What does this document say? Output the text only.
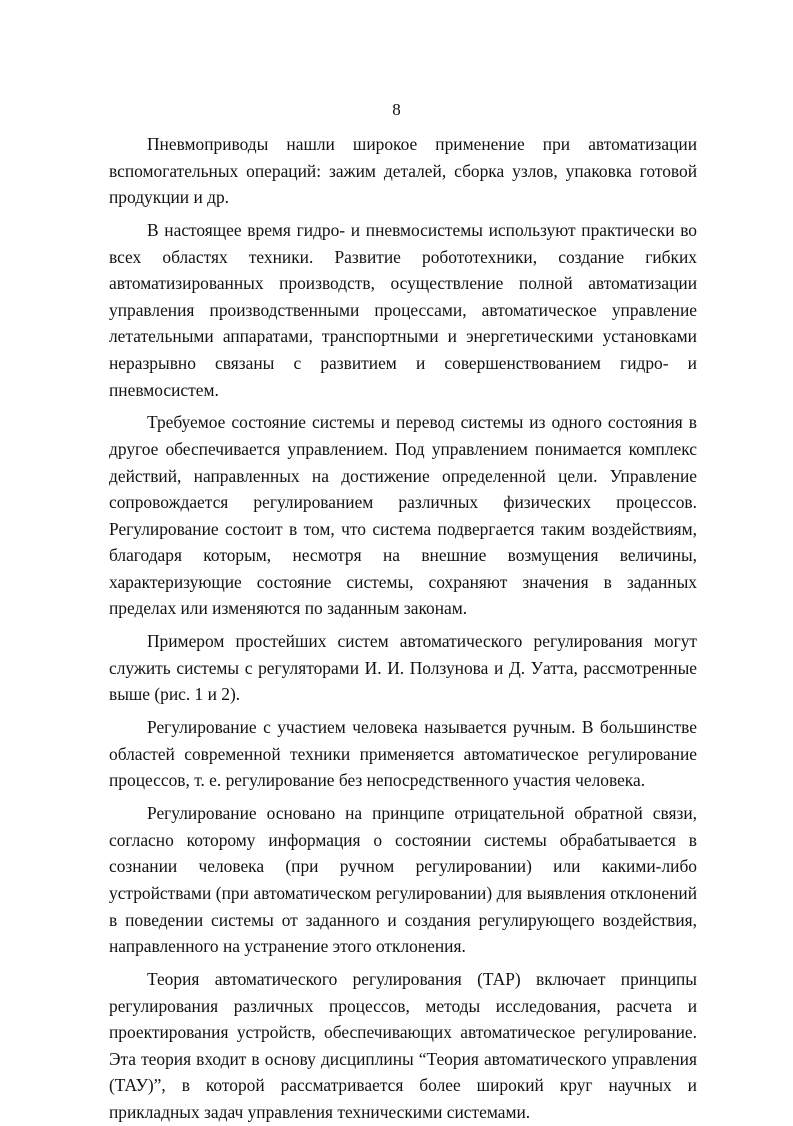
8

Пневмоприводы нашли широкое применение при автоматизации вспомогательных операций: зажим деталей, сборка узлов, упаковка готовой продукции и др.

В настоящее время гидро- и пневмосистемы используют практически во всех областях техники. Развитие робототехники, создание гибких автоматизированных производств, осуществление полной автоматизации управления производственными процессами, автоматическое управление летательными аппаратами, транспортными и энергетическими установками неразрывно связаны с развитием и совершенствованием гидро- и пневмосистем.

Требуемое состояние системы и перевод системы из одного состояния в другое обеспечивается управлением. Под управлением понимается комплекс действий, направленных на достижение определенной цели. Управление сопровождается регулированием различных физических процессов. Регулирование состоит в том, что система подвергается таким воздействиям, благодаря которым, несмотря на внешние возмущения величины, характеризующие состояние системы, сохраняют значения в заданных пределах или изменяются по заданным законам.

Примером простейших систем автоматического регулирования могут служить системы с регуляторами И. И. Ползунова и Д. Уатта, рассмотренные выше (рис. 1 и 2).

Регулирование с участием человека называется ручным. В большинстве областей современной техники применяется автоматическое регулирование процессов, т. е. регулирование без непосредственного участия человека.

Регулирование основано на принципе отрицательной обратной связи, согласно которому информация о состоянии системы обрабатывается в сознании человека (при ручном регулировании) или какими-либо устройствами (при автоматическом регулировании) для выявления отклонений в поведении системы от заданного и создания регулирующего воздействия, направленного на устранение этого отклонения.

Теория автоматического регулирования (ТАР) включает принципы регулирования различных процессов, методы исследования, расчета и проектирования устройств, обеспечивающих автоматическое регулирование. Эта теория входит в основу дисциплины “Теория автоматического управления (ТАУ)”, в которой рассматривается более широкий круг научных и прикладных задач управления техническими системами.
